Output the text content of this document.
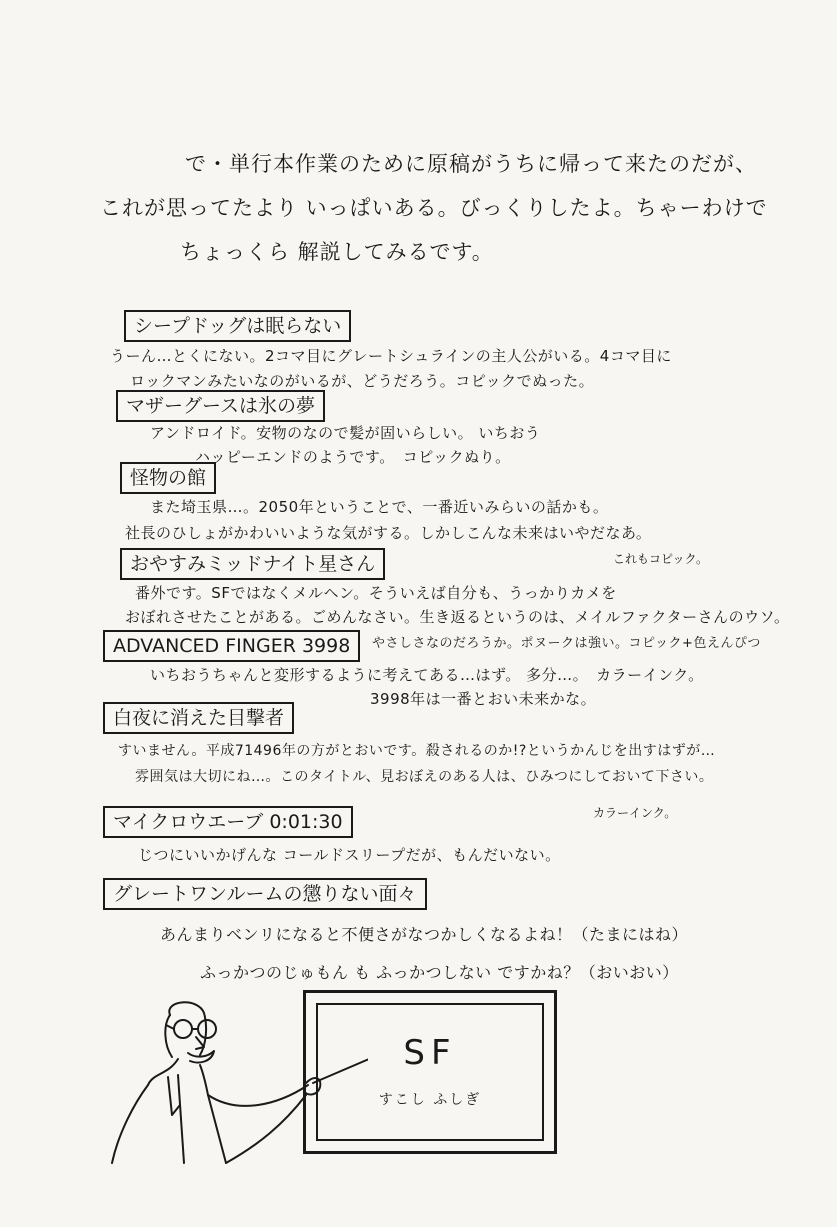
で・単行本作業のために原稿がうちに帰って来たのだが、
これが思ってたより いっぱいある。びっくりしたよ。ちゃーわけで
ちょっくら 解説してみるです。
シープドッグは眠らない
うーん…とくにない。2コマ目にグレートシュラインの主人公がいる。4コマ目に
ロックマンみたいなのがいるが、どうだろう。コピックでぬった。
マザーグースは氷の夢
アンドロイド。安物のなので髪が固いらしい。 いちおう
ハッピーエンドのようです。　コピックぬり。
怪物の館
また埼玉県…。2050年ということで、一番近いみらいの話かも。
社長のひしょがかわいいような気がする。しかしこんな未来はいやだなあ。
これもコピック。
おやすみミッドナイト星さん
番外です。SFではなくメルヘン。そういえば自分も、うっかりカメを
おぼれさせたことがある。ごめんなさい。生き返るというのは、メイルファクターさんのウソ。
ADVANCED FINGER 3998	やさしさなのだろうか。ポヌークは強い。コピック+色えんぴつ
いちおうちゃんと変形するように考えてある…はず。 多分…。　カラーインク。
3998年は一番とおい未来かな。
白夜に消えた目撃者
すいません。平成71496年の方がとおいです。殺されるのか!?というかんじを出すはずが…
雰囲気は大切にね…。このタイトル、見おぼえのある人は、ひみつにしておいて下さい。
カラーインク。
マイクロウエーブ 0:01:30
じつにいいかげんな コールドスリープだが、もんだいない。
グレートワンルームの懲りない面々
あんまりベンリになると不便さがなつかしくなるよね！（たまにはね）
ふっかつのじゅもん も ふっかつしない ですかね？（おいおい）
SF
すこし ふしぎ
